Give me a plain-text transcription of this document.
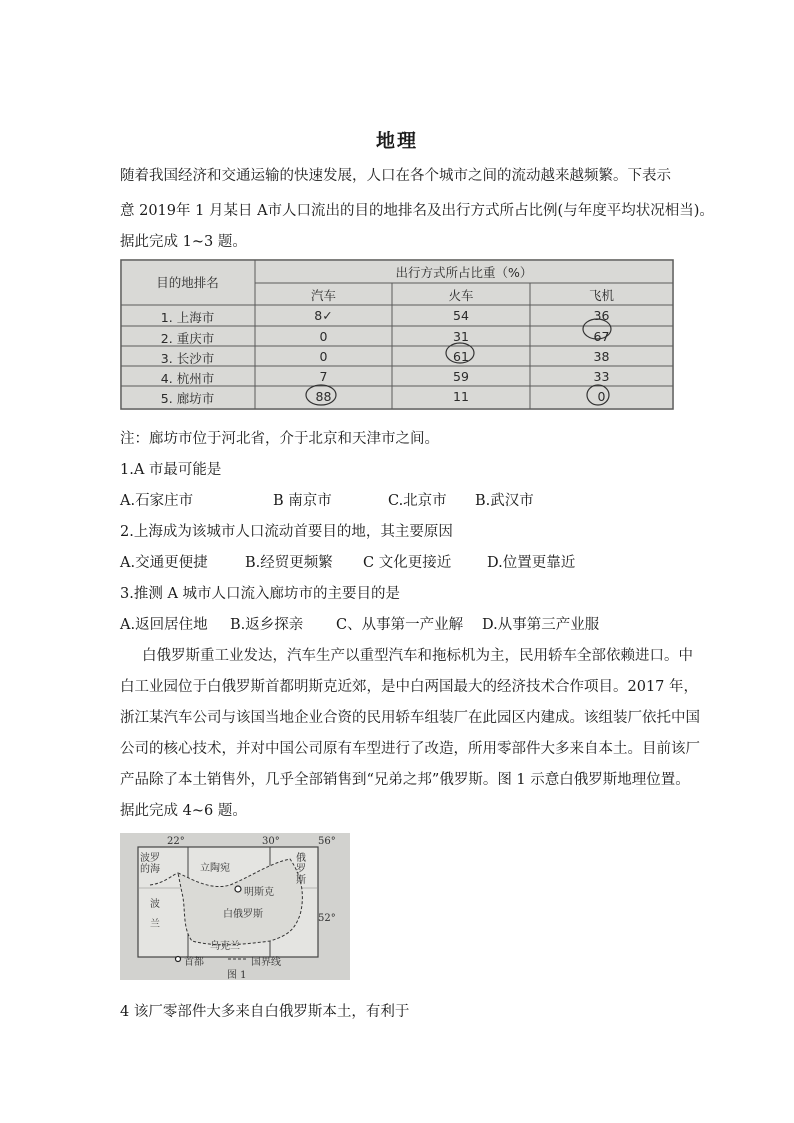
地理
随着我国经济和交通运输的快速发展，人口在各个城市之间的流动越来越频繁。下表示
意 2019年 1 月某日 A市人口流出的目的地排名及出行方式所占比例(与年度平均状况相当)。
据此完成 1~3 题。
目的地排名
出行方式所占比重（%）
汽车	火车	飞机
1. 上海市	8✓	54	36
2. 重庆市	0	31	67
3. 长沙市	0	61	38
4. 杭州市	7	59	33
5. 廊坊市	88	11	0
注：廊坊市位于河北省，介于北京和天津市之间。
1.A 市最可能是
A.石家庄市	B 南京市	C.北京市 B.武汉市
2.上海成为该城市人口流动首要目的地，其主要原因
A.交通更便捷	B.经贸更频繁 C 文化更接近 D.位置更靠近
3.推测 A 城市人口流入廊坊市的主要目的是
A.返回居住地 B.返乡探亲 C、从事第一产业解 D.从事第三产业服
白俄罗斯重工业发达，汽车生产以重型汽车和拖标机为主，民用轿车全部依赖进口。中
白工业园位于白俄罗斯首都明斯克近郊，是中白两国最大的经济技术合作项目。2017 年，
浙江某汽车公司与该国当地企业合资的民用轿车组装厂在此园区内建成。该组装厂依托中国
公司的核心技术，并对中国公司原有车型进行了改造，所用零部件大多来自本土。目前该厂
产品除了本土销售外，几乎全部销售到“兄弟之邦”俄罗斯。图 1 示意白俄罗斯地理位置。
据此完成 4~6 题。
22°	30°	56°
52°
波罗的海	立陶宛
俄罗斯
明斯克
白俄罗斯
波兰
乌克兰
首都	国界线
图 1
4 该厂零部件大多来自白俄罗斯本土，有利于
